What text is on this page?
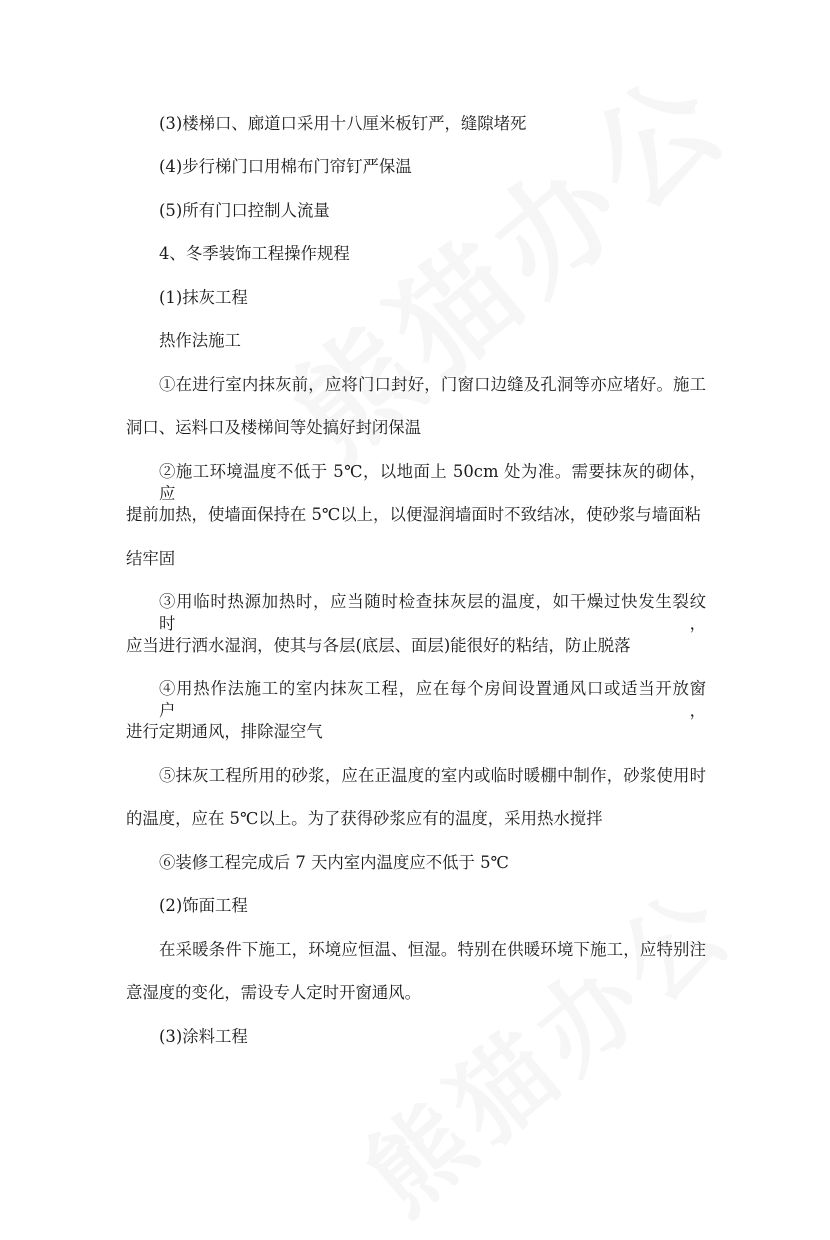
(3)楼梯口、廊道口采用十八厘米板钉严，缝隙堵死

(4)步行梯门口用棉布门帘钉严保温

(5)所有门口控制人流量

4、冬季装饰工程操作规程

(1)抹灰工程

热作法施工

①在进行室内抹灰前，应将门口封好，门窗口边缝及孔洞等亦应堵好。施工

洞口、运料口及楼梯间等处搞好封闭保温

②施工环境温度不低于 5℃，以地面上 50cm 处为准。需要抹灰的砌体，应

提前加热，使墙面保持在 5℃以上，以便湿润墙面时不致结冰，使砂浆与墙面粘

结牢固

③用临时热源加热时，应当随时检查抹灰层的温度，如干燥过快发生裂纹时，

应当进行洒水湿润，使其与各层(底层、面层)能很好的粘结，防止脱落

④用热作法施工的室内抹灰工程，应在每个房间设置通风口或适当开放窗户，

进行定期通风，排除湿空气

⑤抹灰工程所用的砂浆，应在正温度的室内或临时暖棚中制作，砂浆使用时

的温度，应在 5℃以上。为了获得砂浆应有的温度，采用热水搅拌

⑥装修工程完成后 7 天内室内温度应不低于 5℃

(2)饰面工程

在采暖条件下施工，环境应恒温、恒湿。特别在供暖环境下施工，应特别注

意湿度的变化，需设专人定时开窗通风。

(3)涂料工程
